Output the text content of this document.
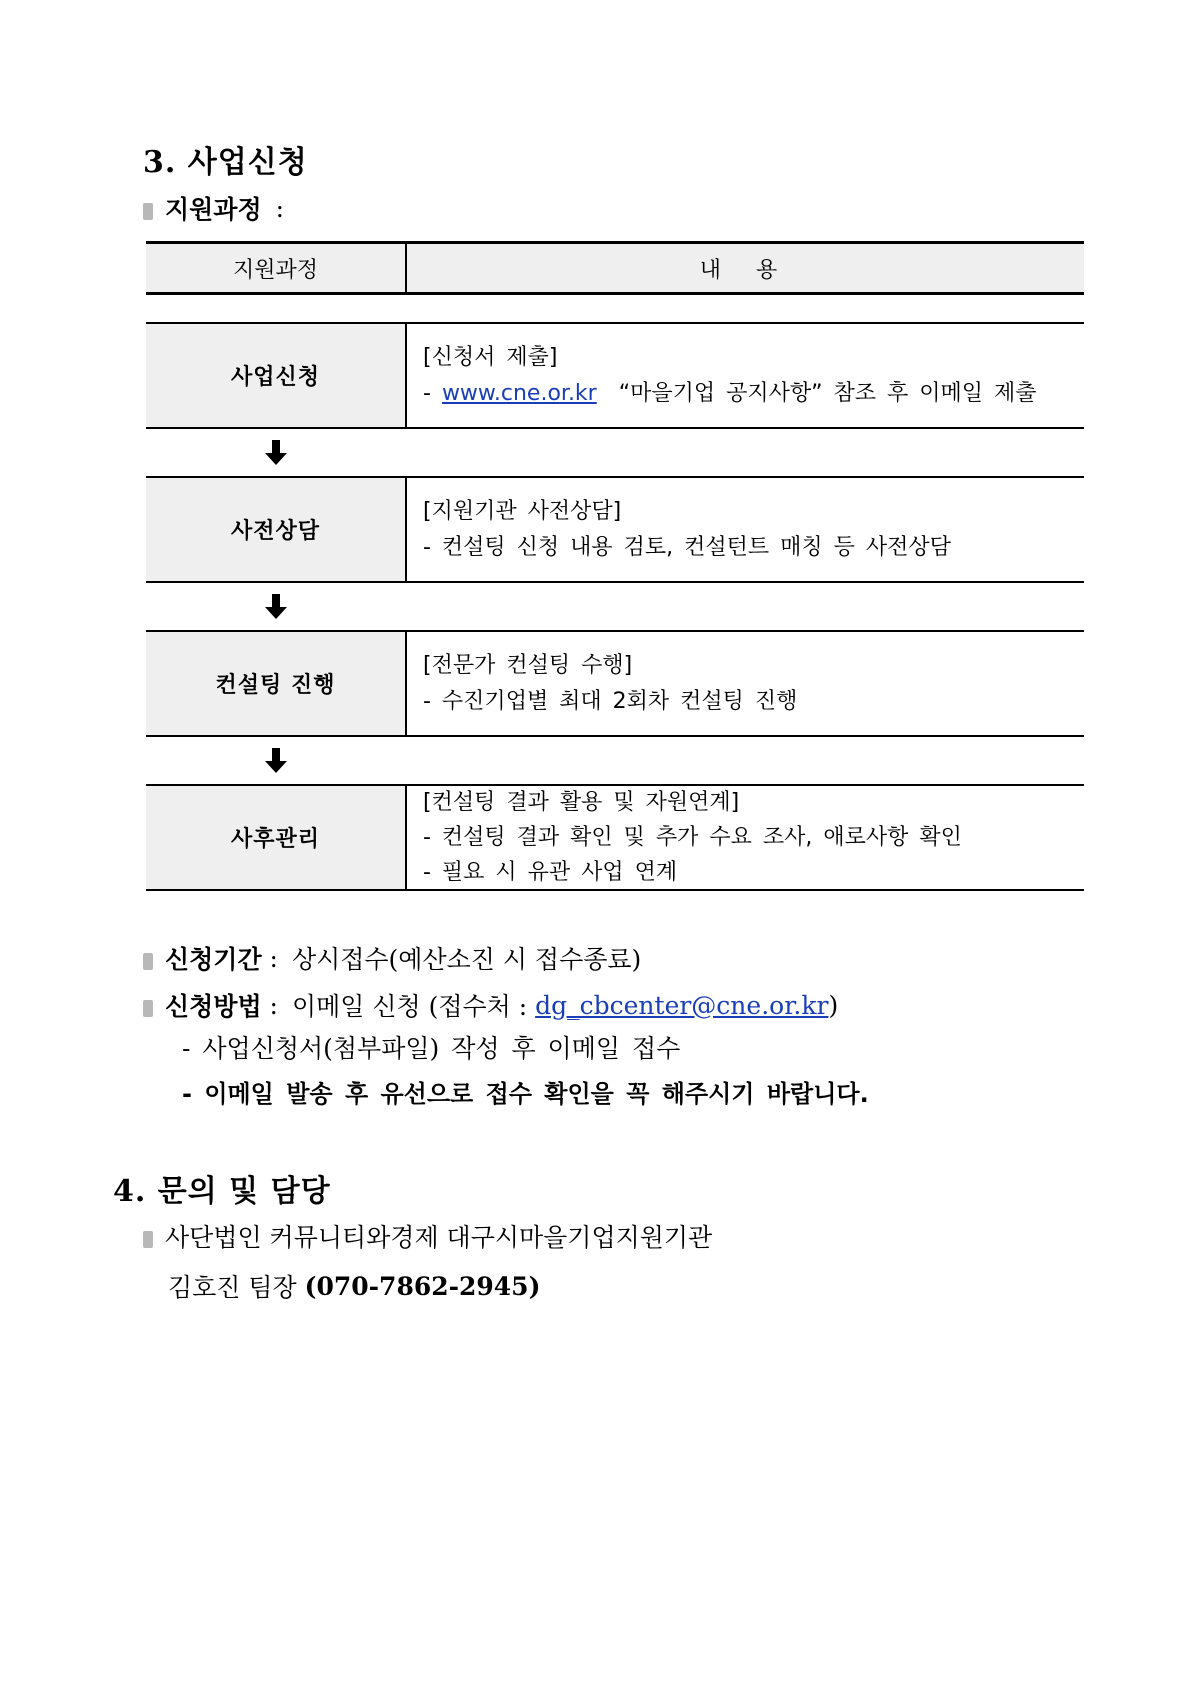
3. 사업신청
지원과정 :
지원과정	내 용
사업신청
[신청서 제출]
- www.cne.or.kr  “마을기업 공지사항” 참조 후 이메일 제출
사전상담
[지원기관 사전상담]
- 컨설팅 신청 내용 검토, 컨설턴트 매칭 등 사전상담
컨설팅 진행
[전문가 컨설팅 수행]
- 수진기업별 최대 2회차 컨설팅 진행
사후관리
[컨설팅 결과 활용 및 자원연계]
- 컨설팅 결과 확인 및 추가 수요 조사, 애로사항 확인
- 필요 시 유관 사업 연계
신청기간 : 상시접수(예산소진 시 접수종료)
신청방법 : 이메일 신청 (접수처 : dg_cbcenter@cne.or.kr )
- 사업신청서(첨부파일) 작성 후 이메일 접수
- 이메일 발송 후 유선으로 접수 확인을 꼭 해주시기 바랍니다.
4. 문의 및 담당
사단법인 커뮤니티와경제 대구시마을기업지원기관
김호진 팀장 (070-7862-2945)
